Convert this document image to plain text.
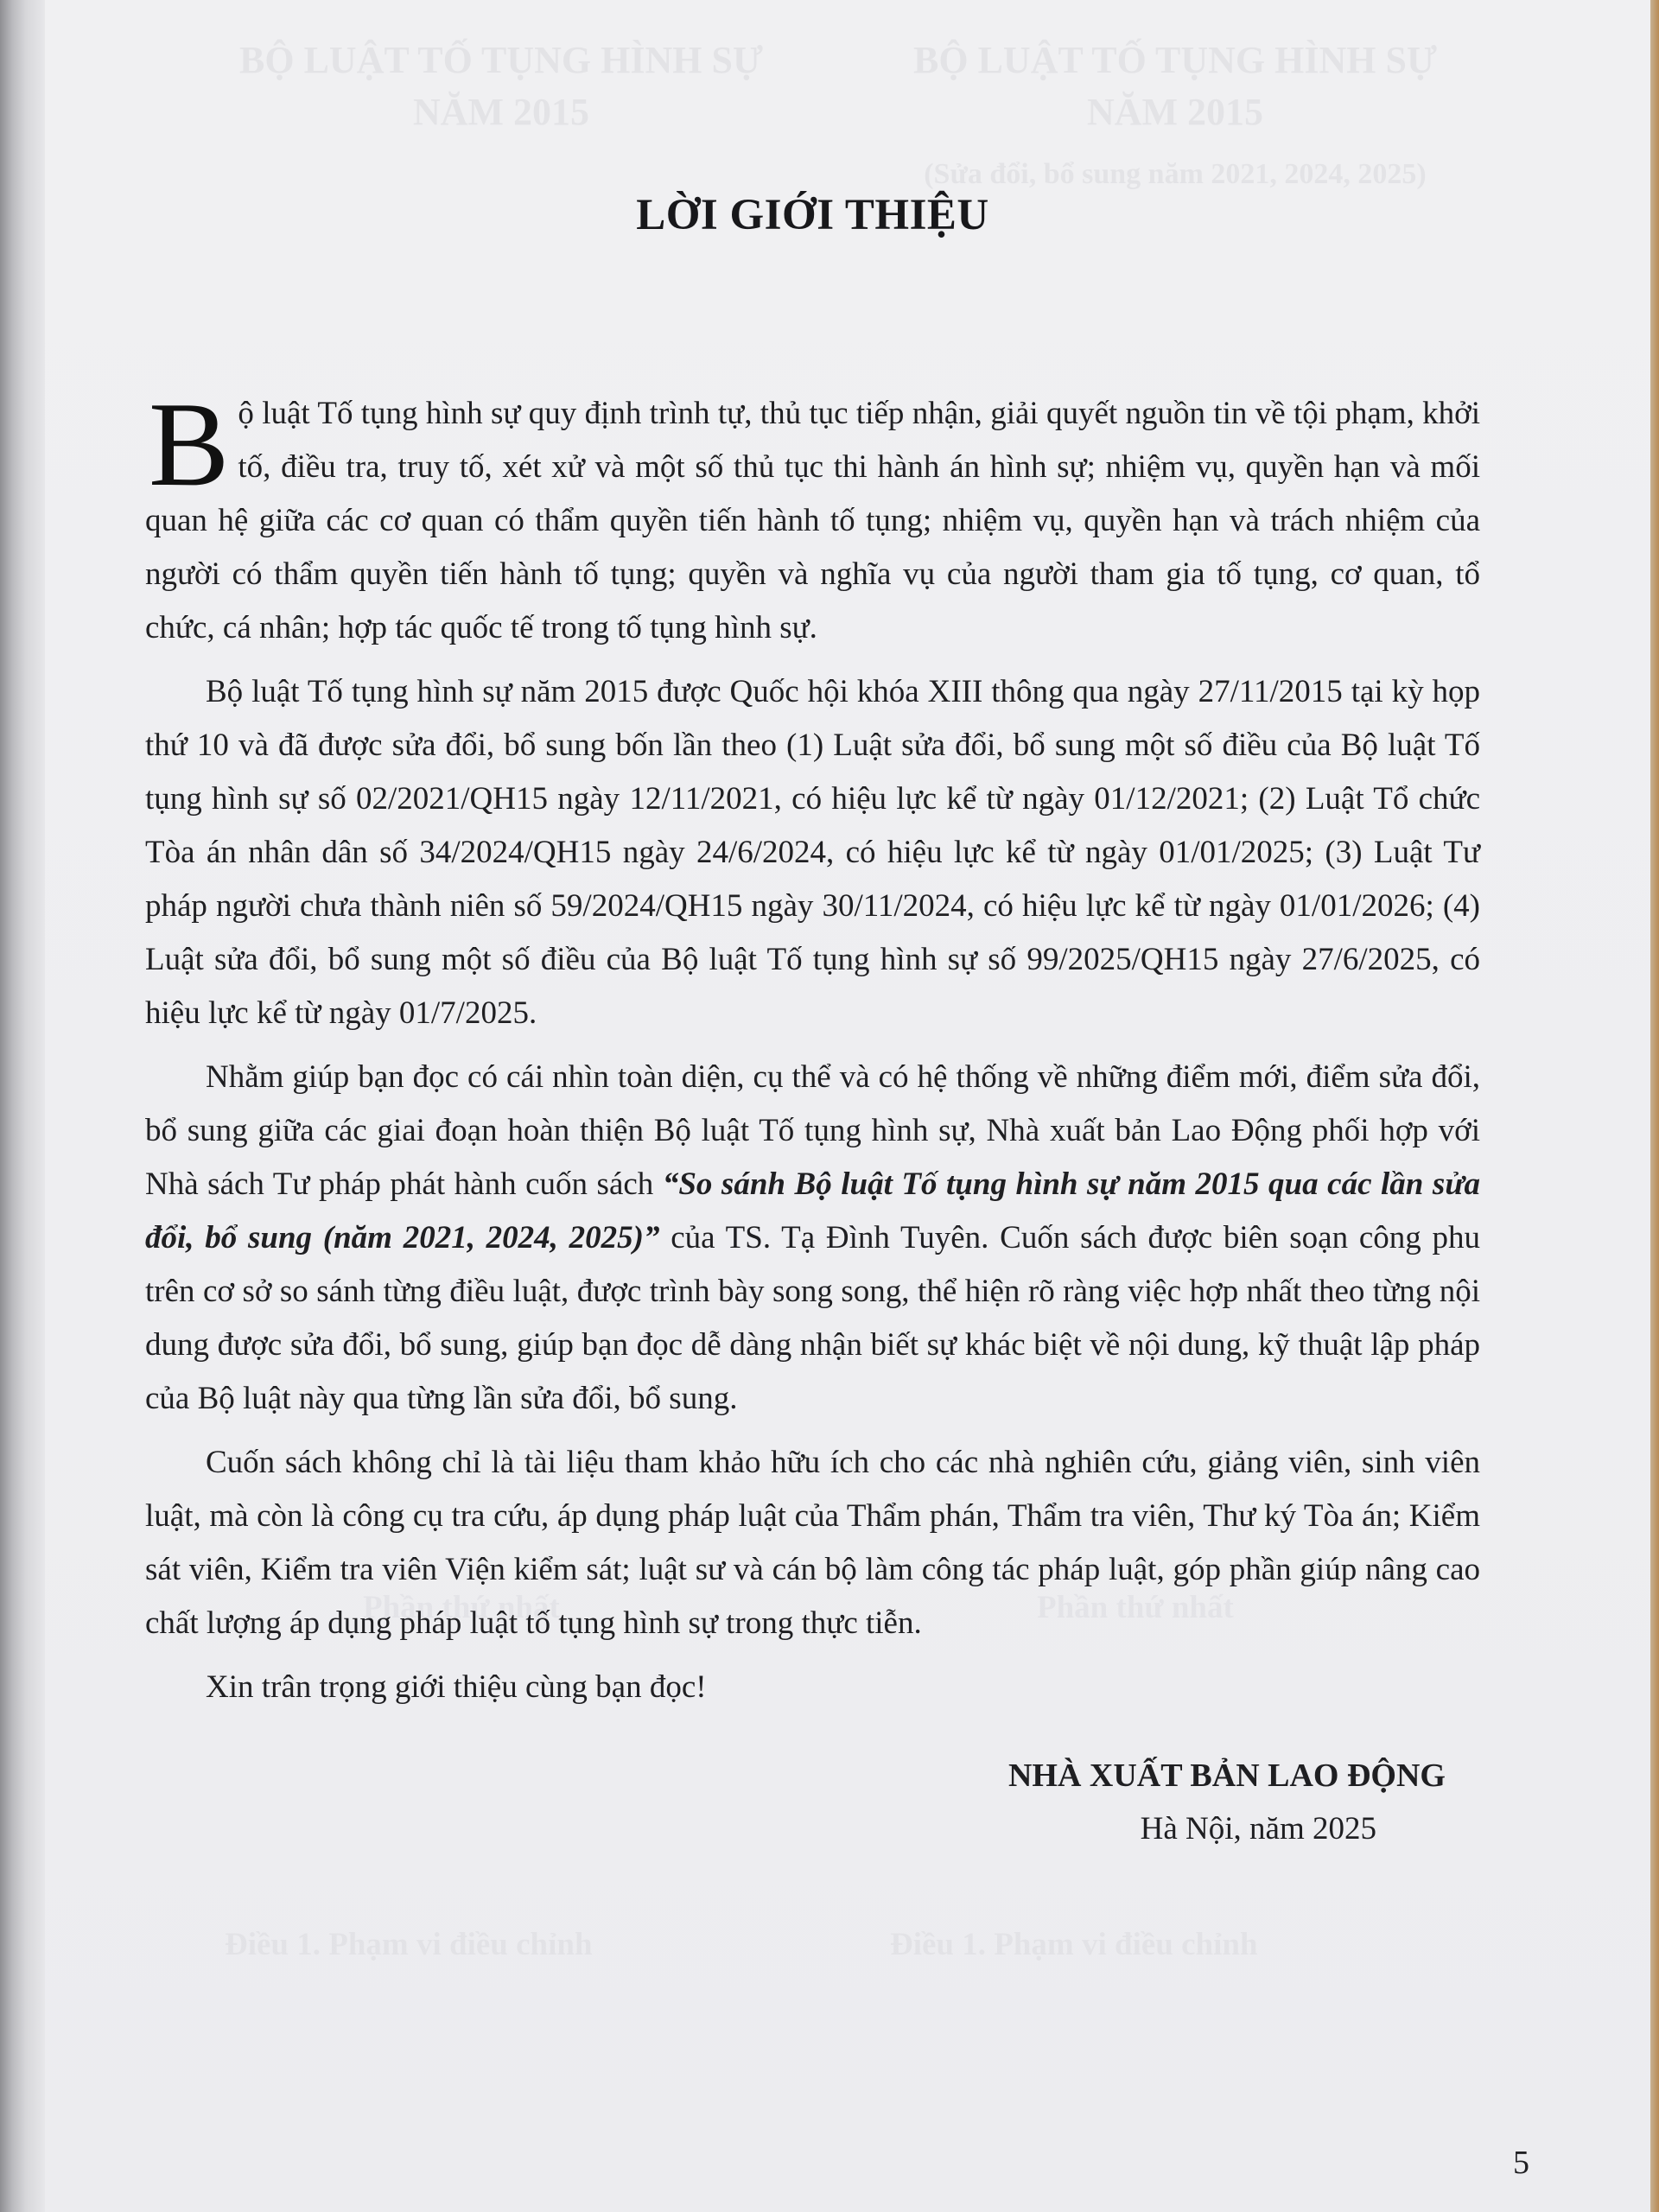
BỘ LUẬT TỐ TỤNG HÌNH SỰ NĂM 2015
BỘ LUẬT TỐ TỤNG HÌNH SỰ NĂM 2015
(Sửa đổi, bổ sung năm 2021, 2024, 2025)
LỜI GIỚI THIỆU

Bộ luật Tố tụng hình sự quy định trình tự, thủ tục tiếp nhận, giải quyết nguồn tin về tội phạm, khởi tố, điều tra, truy tố, xét xử và một số thủ tục thi hành án hình sự; nhiệm vụ, quyền hạn và mối quan hệ giữa các cơ quan có thẩm quyền tiến hành tố tụng; nhiệm vụ, quyền hạn và trách nhiệm của người có thẩm quyền tiến hành tố tụng; quyền và nghĩa vụ của người tham gia tố tụng, cơ quan, tổ chức, cá nhân; hợp tác quốc tế trong tố tụng hình sự.

Bộ luật Tố tụng hình sự năm 2015 được Quốc hội khóa XIII thông qua ngày 27/11/2015 tại kỳ họp thứ 10 và đã được sửa đổi, bổ sung bốn lần theo (1) Luật sửa đổi, bổ sung một số điều của Bộ luật Tố tụng hình sự số 02/2021/QH15 ngày 12/11/2021, có hiệu lực kể từ ngày 01/12/2021; (2) Luật Tổ chức Tòa án nhân dân số 34/2024/QH15 ngày 24/6/2024, có hiệu lực kể từ ngày 01/01/2025; (3) Luật Tư pháp người chưa thành niên số 59/2024/QH15 ngày 30/11/2024, có hiệu lực kể từ ngày 01/01/2026; (4) Luật sửa đổi, bổ sung một số điều của Bộ luật Tố tụng hình sự số 99/2025/QH15 ngày 27/6/2025, có hiệu lực kể từ ngày 01/7/2025.

Nhằm giúp bạn đọc có cái nhìn toàn diện, cụ thể và có hệ thống về những điểm mới, điểm sửa đổi, bổ sung giữa các giai đoạn hoàn thiện Bộ luật Tố tụng hình sự, Nhà xuất bản Lao Động phối hợp với Nhà sách Tư pháp phát hành cuốn sách “So sánh Bộ luật Tố tụng hình sự năm 2015 qua các lần sửa đổi, bổ sung (năm 2021, 2024, 2025)” của TS. Tạ Đình Tuyên. Cuốn sách được biên soạn công phu trên cơ sở so sánh từng điều luật, được trình bày song song, thể hiện rõ ràng việc hợp nhất theo từng nội dung được sửa đổi, bổ sung, giúp bạn đọc dễ dàng nhận biết sự khác biệt về nội dung, kỹ thuật lập pháp của Bộ luật này qua từng lần sửa đổi, bổ sung.

Cuốn sách không chỉ là tài liệu tham khảo hữu ích cho các nhà nghiên cứu, giảng viên, sinh viên luật, mà còn là công cụ tra cứu, áp dụng pháp luật của Thẩm phán, Thẩm tra viên, Thư ký Tòa án; Kiểm sát viên, Kiểm tra viên Viện kiểm sát; luật sư và cán bộ làm công tác pháp luật, góp phần giúp nâng cao chất lượng áp dụng pháp luật tố tụng hình sự trong thực tiễn.

Xin trân trọng giới thiệu cùng bạn đọc!

NHÀ XUẤT BẢN LAO ĐỘNG

Hà Nội, năm 2025

5
